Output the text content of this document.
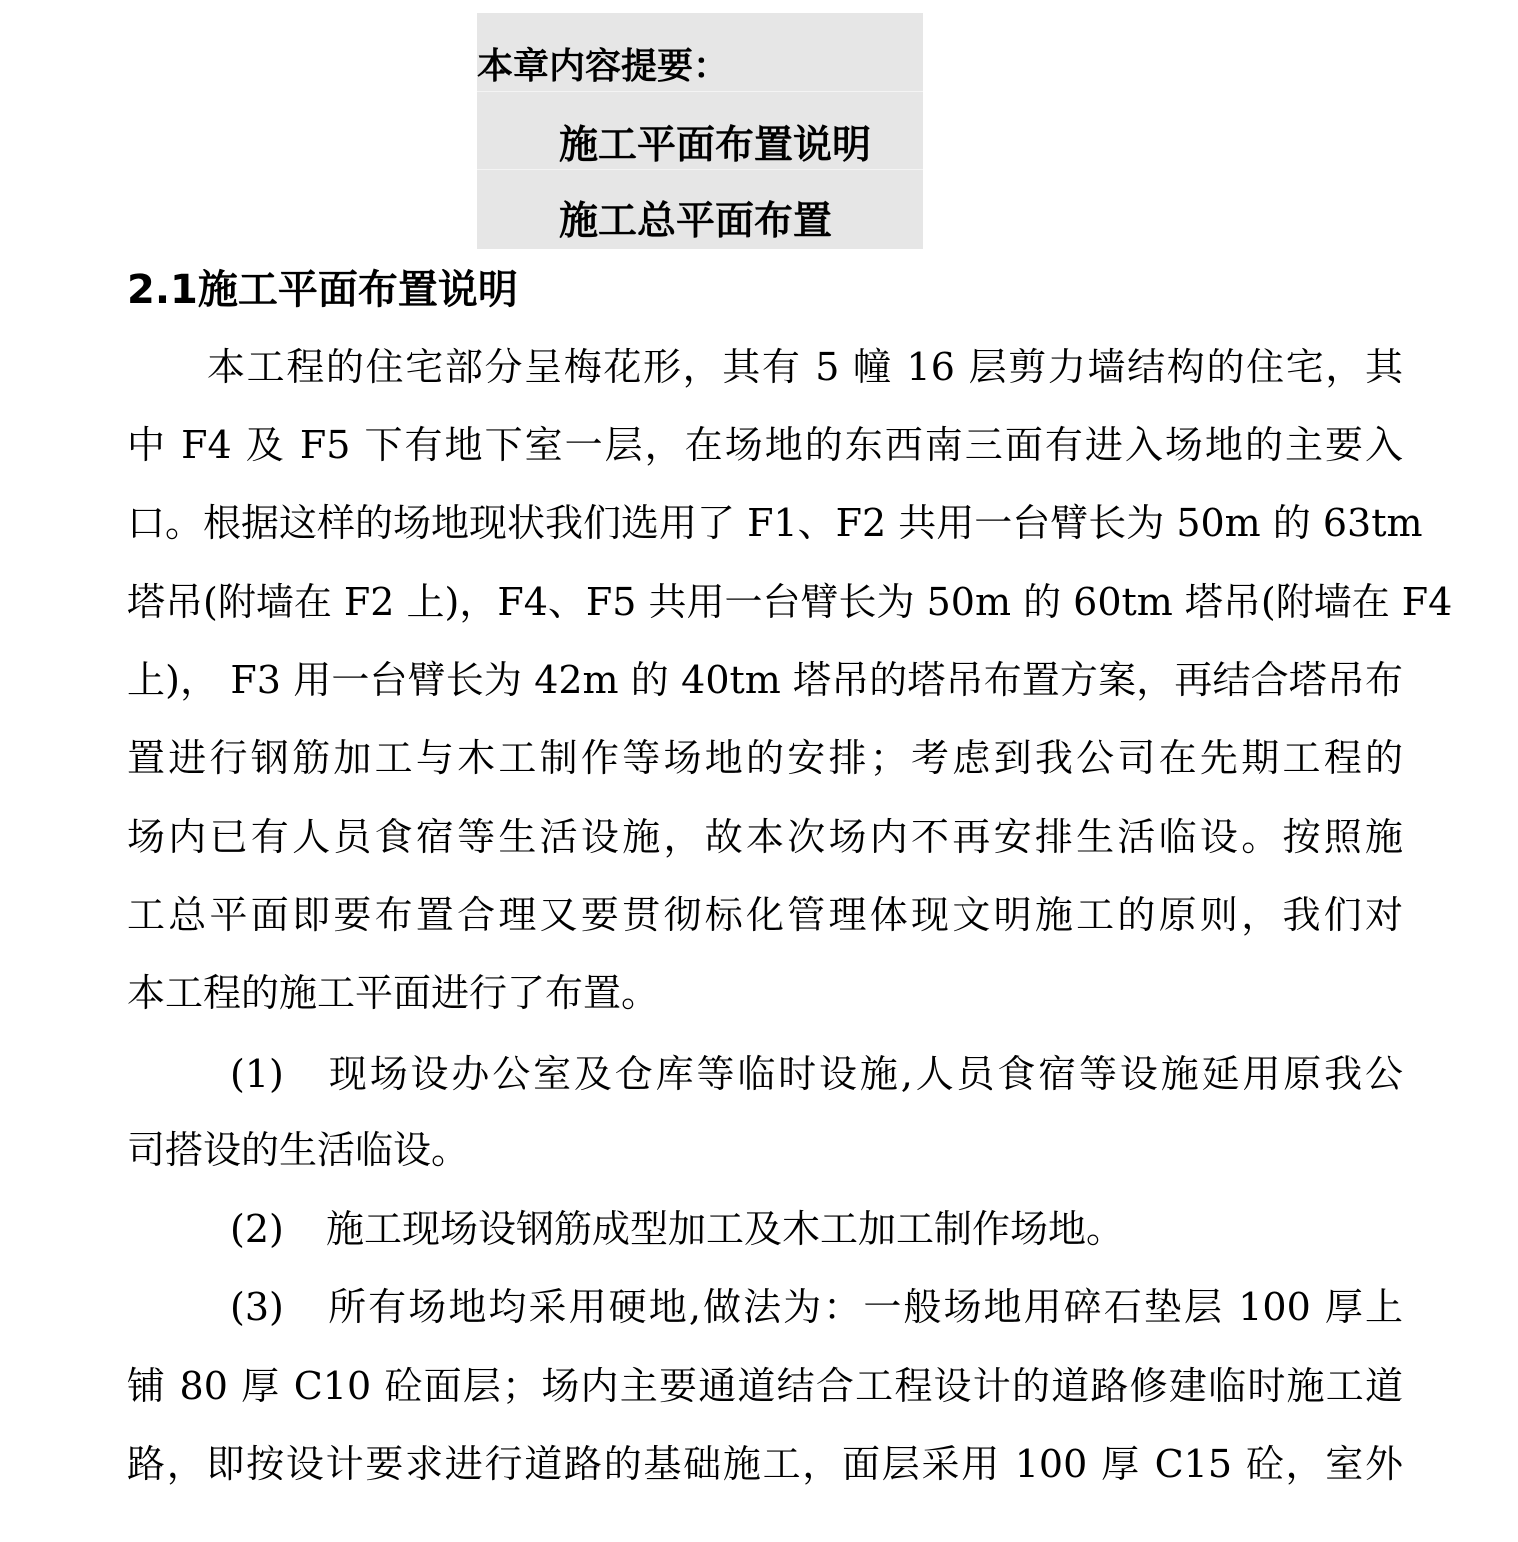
本章内容提要：
施工平面布置说明
施工总平面布置
2.1施工平面布置说明
本工程的住宅部分呈梅花形，其有 5 幢 16 层剪力墙结构的住宅，其
中 F4 及 F5 下有地下室一层，在场地的东西南三面有进入场地的主要入
口。根据这样的场地现状我们选用了 F1、F2 共用一台臂长为 50m 的 63tm
塔吊(附墙在 F2 上)，F4、F5 共用一台臂长为 50m 的 60tm 塔吊(附墙在 F4
上)， F3 用一台臂长为 42m 的 40tm 塔吊的塔吊布置方案，再结合塔吊布
置进行钢筋加工与木工制作等场地的安排；考虑到我公司在先期工程的
场内已有人员食宿等生活设施，故本次场内不再安排生活临设。按照施
工总平面即要布置合理又要贯彻标化管理体现文明施工的原则，我们对
本工程的施工平面进行了布置。
(1) 现场设办公室及仓库等临时设施,人员食宿等设施延用原我公
司搭设的生活临设。
(2) 施工现场设钢筋成型加工及木工加工制作场地。
(3) 所有场地均采用硬地,做法为：一般场地用碎石垫层 100 厚上
铺 80 厚 C10 砼面层；场内主要通道结合工程设计的道路修建临时施工道
路，即按设计要求进行道路的基础施工，面层采用 100 厚 C15 砼，室外
